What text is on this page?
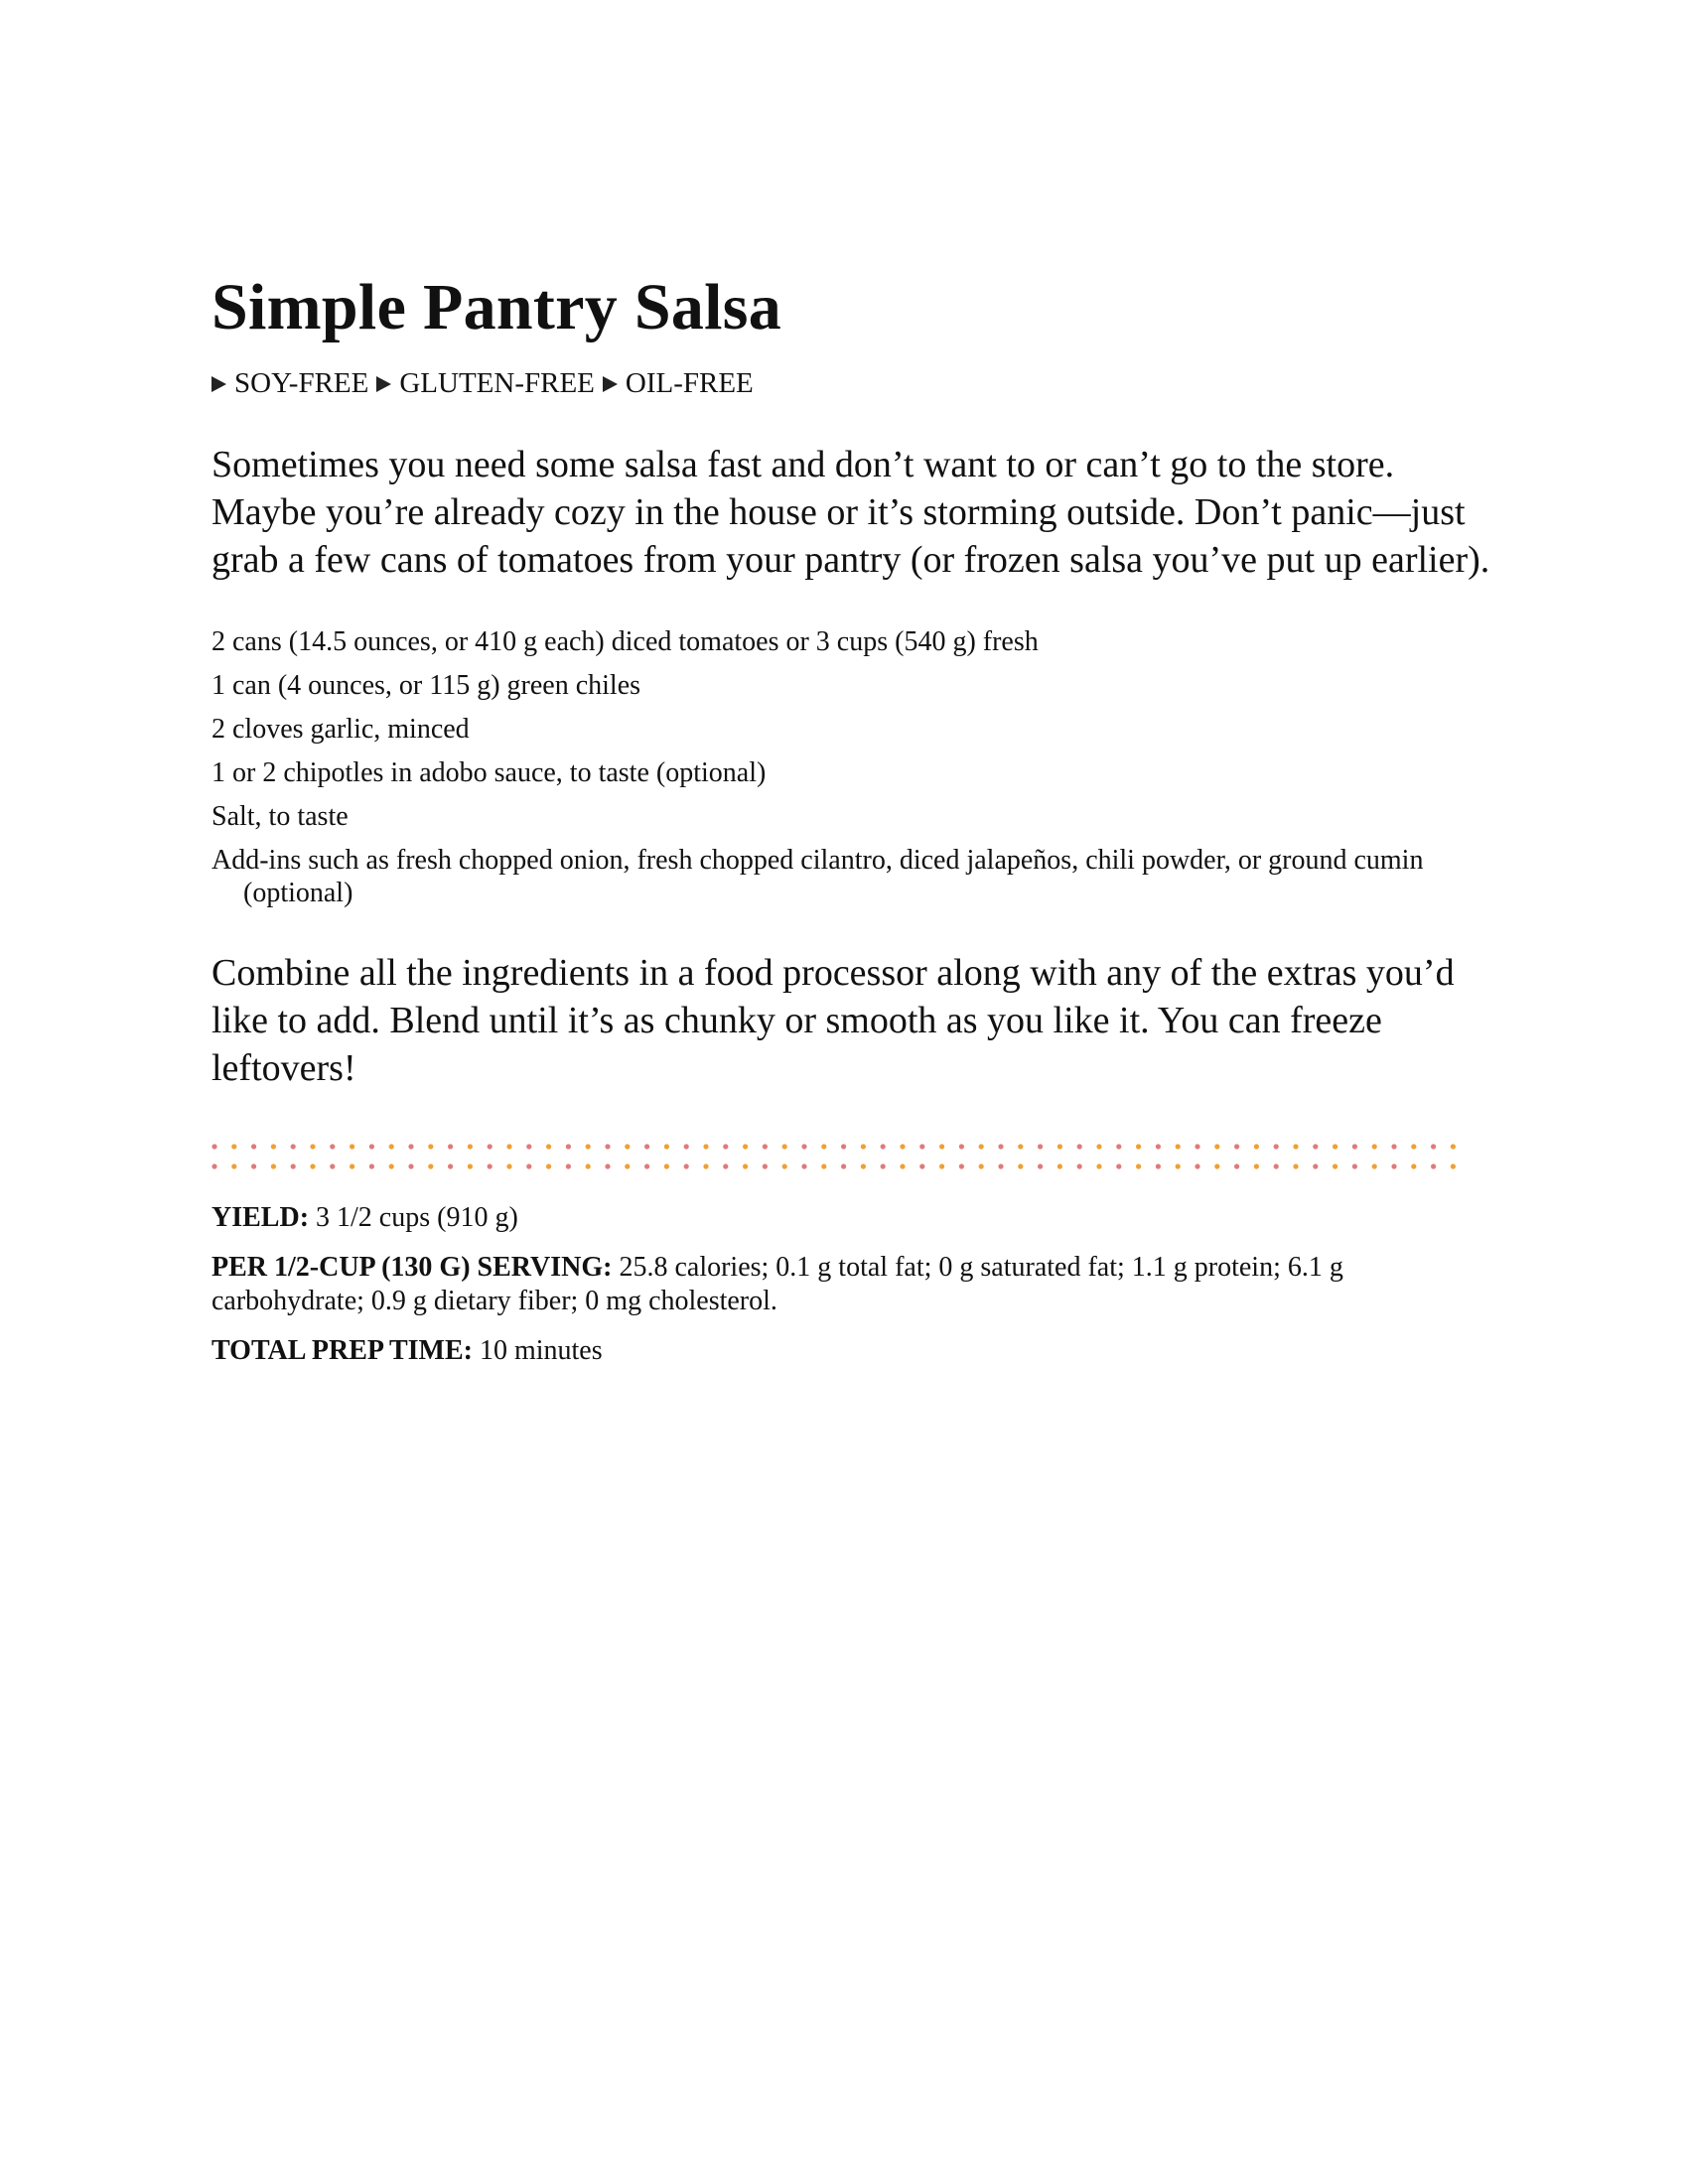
Simple Pantry Salsa
SOY-FREE GLUTEN-FREE OIL-FREE

Sometimes you need some salsa fast and don’t want to or can’t go to the store. Maybe you’re already cozy in the house or it’s storming outside. Don’t panic—just grab a few cans of tomatoes from your pantry (or frozen salsa you’ve put up earlier).

2 cans (14.5 ounces, or 410 g each) diced tomatoes or 3 cups (540 g) fresh
1 can (4 ounces, or 115 g) green chiles
2 cloves garlic, minced
1 or 2 chipotles in adobo sauce, to taste (optional)
Salt, to taste
Add-ins such as fresh chopped onion, fresh chopped cilantro, diced jalapeños, chili powder, or ground cumin (optional)

Combine all the ingredients in a food processor along with any of the extras you’d like to add. Blend until it’s as chunky or smooth as you like it. You can freeze leftovers!

YIELD: 3 1/2 cups (910 g)

PER 1/2-CUP (130 G) SERVING: 25.8 calories; 0.1 g total fat; 0 g saturated fat; 1.1 g protein; 6.1 g carbohydrate; 0.9 g dietary fiber; 0 mg cholesterol.

TOTAL PREP TIME: 10 minutes
